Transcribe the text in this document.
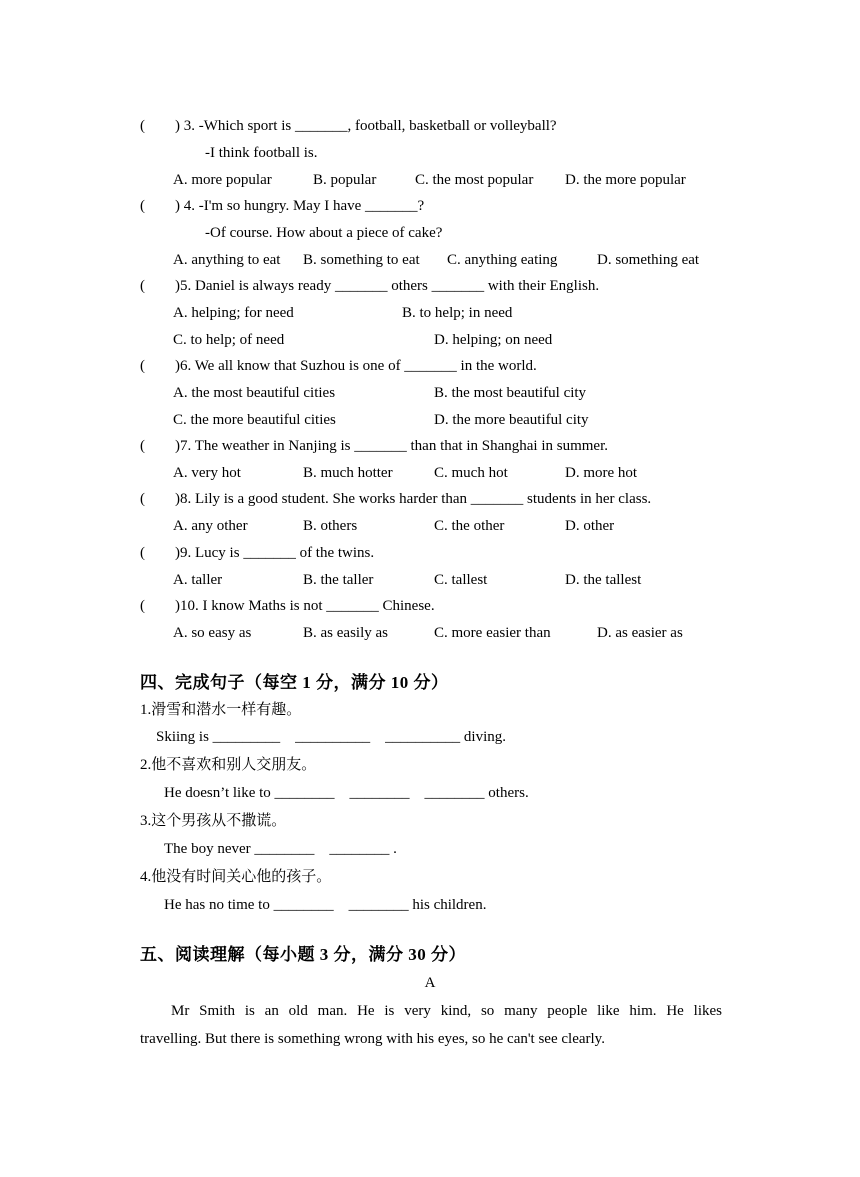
(        ) 3. -Which sport is _______, football, basketball or volleyball?
-I think football is.
A. more popular	B. popular	C. the most popular D. the more popular
(        ) 4. -I'm so hungry. May I have _______?
-Of course. How about a piece of cake?
A. anything to eat B. something to eat C. anything eating	D. something eat
(        )5. Daniel is always ready _______ others _______ with their English.
A. helping; for need	B. to help; in need
C. to help; of need	D. helping; on need
(        )6. We all know that Suzhou is one of _______ in the world.
A. the most beautiful cities	B. the most beautiful city
C. the more beautiful cities	D. the more beautiful city
(        )7. The weather in Nanjing is _______ than that in Shanghai in summer.
A. very hot	B. much hotter	C. much hot	D. more hot
(        )8. Lily is a good student. She works harder than _______ students in her class.
A. any other	B. others	C. the other	D. other
(        )9. Lucy is _______ of the twins.
A. taller	B. the taller	C. tallest	D. the tallest
(        )10. I know Maths is not _______ Chinese.
A. so easy as	B. as easily as	C. more easier than	D. as easier as
四、完成句子（每空 1 分，满分 10 分）
1.滑雪和潜水一样有趣。
Skiing is _________    __________    __________ diving.
2.他不喜欢和别人交朋友。
He doesn’t like to ________    ________    ________ others.
3.这个男孩从不撒谎。
The boy never ________    ________ .
4.他没有时间关心他的孩子。
He has no time to ________    ________ his children.
五、阅读理解（每小题 3 分，满分 30 分）
A
Mr Smith is an old man. He is very kind, so many people like him. He likes
travelling. But there is something wrong with his eyes, so he can't see clearly.
